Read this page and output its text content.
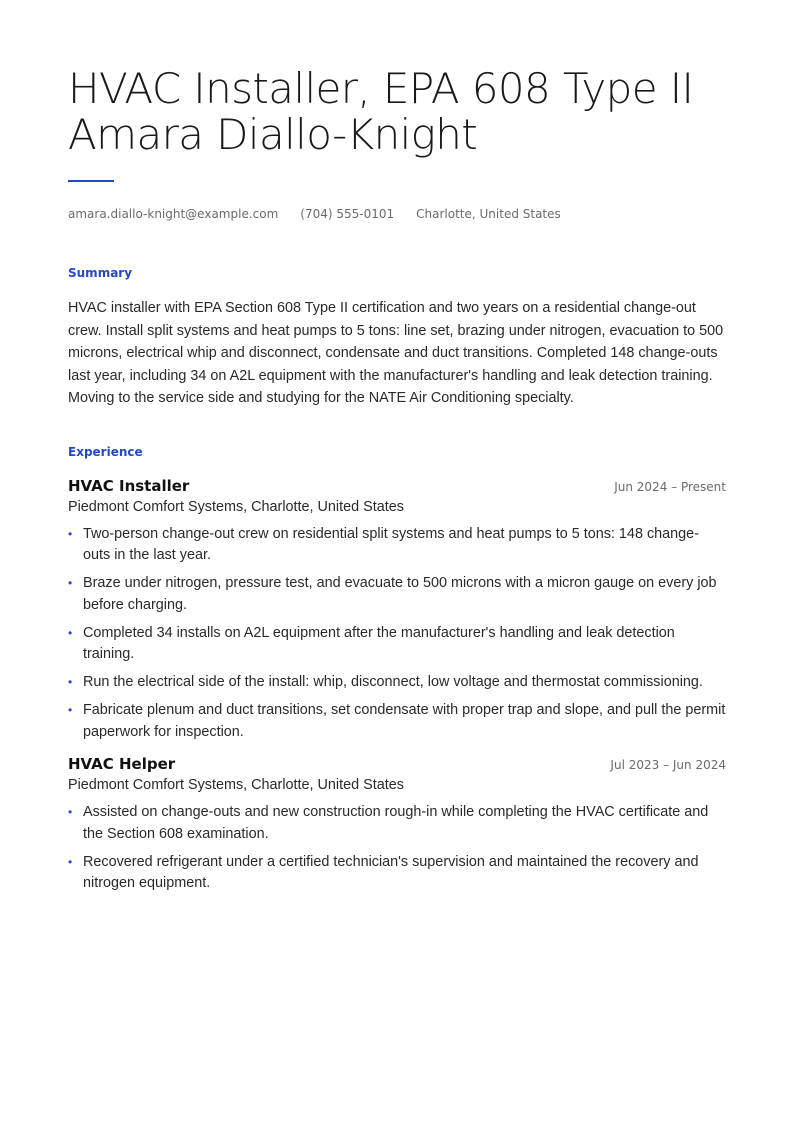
HVAC Installer, EPA 608 Type II
Amara Diallo-Knight
amara.diallo-knight@example.com (704) 555-0101 Charlotte, United States
Summary

HVAC installer with EPA Section 608 Type II certification and two years on a residential change-out crew. Install split systems and heat pumps to 5 tons: line set, brazing under nitrogen, evacuation to 500 microns, electrical whip and disconnect, condensate and duct transitions. Completed 148 change-outs last year, including 34 on A2L equipment with the manufacturer's handling and leak detection training. Moving to the service side and studying for the NATE Air Conditioning specialty.

Experience
HVAC Installer	Jun 2024 – Present
Piedmont Comfort Systems, Charlotte, United States
• Two-person change-out crew on residential split systems and heat pumps to 5 tons: 148 change-outs in the last year.
• Braze under nitrogen, pressure test, and evacuate to 500 microns with a micron gauge on every job before charging.
• Completed 34 installs on A2L equipment after the manufacturer's handling and leak detection training.
• Run the electrical side of the install: whip, disconnect, low voltage and thermostat commissioning.
• Fabricate plenum and duct transitions, set condensate with proper trap and slope, and pull the permit paperwork for inspection.
HVAC Helper	Jul 2023 – Jun 2024
Piedmont Comfort Systems, Charlotte, United States
• Assisted on change-outs and new construction rough-in while completing the HVAC certificate and the Section 608 examination.
• Recovered refrigerant under a certified technician's supervision and maintained the recovery and nitrogen equipment.
